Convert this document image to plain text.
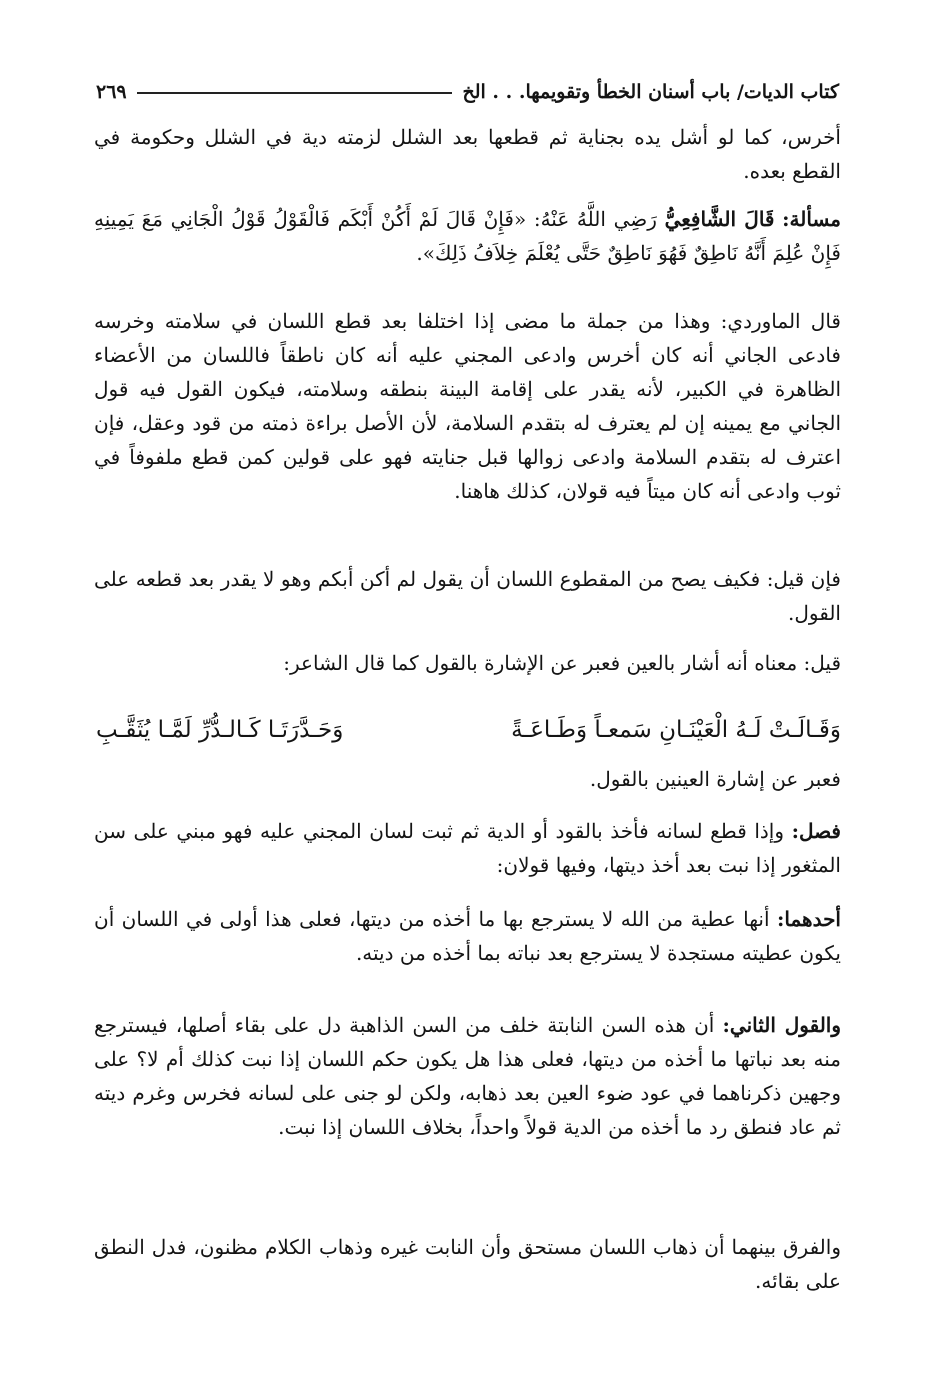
كتاب الديات/ باب أسنان الخطأ وتقويمها. . . الخ
٢٦٩

أخرس، كما لو أشل يده بجناية ثم قطعها بعد الشلل لزمته دية في الشلل وحكومة في القطع بعده.

مسألة: قَالَ الشَّافِعِيُّ رَضِي اللَّهُ عَنْهُ: «فَإِنْ قَالَ لَمْ أَكُنْ أَبْكَم فَالْقَوْلُ قَوْلُ الْجَانِي مَعَ يَمِينِهِ فَإِنْ عُلِمَ أَنَّهُ نَاطِقٌ فَهُوَ نَاطِقٌ حَتَّى يُعْلَمَ خِلاَفُ ذَلِكَ».

قال الماوردي: وهذا من جملة ما مضى إذا اختلفا بعد قطع اللسان في سلامته وخرسه فادعى الجاني أنه كان أخرس وادعى المجني عليه أنه كان ناطقاً فاللسان من الأعضاء الظاهرة في الكبير، لأنه يقدر على إقامة البينة بنطقه وسلامته، فيكون القول فيه قول الجاني مع يمينه إن لم يعترف له بتقدم السلامة، لأن الأصل براءة ذمته من قود وعقل، فإن اعترف له بتقدم السلامة وادعى زوالها قبل جنايته فهو على قولين كمن قطع ملفوفاً في ثوب وادعى أنه كان ميتاً فيه قولان، كذلك هاهنا.

فإن قيل: فكيف يصح من المقطوع اللسان أن يقول لم أكن أبكم وهو لا يقدر بعد قطعه على القول.

قيل: معناه أنه أشار بالعين فعبر عن الإشارة بالقول كما قال الشاعر:

وَقَـالَـتْ لَـهُ الْعَيْنَـانِ سَمعـاً وَطَـاعَـةً
وَحَـدَّرَتَـا كَـالـدُّرِّ لَمَّـا يُثَقَّـبِ

فعبر عن إشارة العينين بالقول.

فصل: وإذا قطع لسانه فأخذ بالقود أو الدية ثم ثبت لسان المجني عليه فهو مبني على سن المثغور إذا نبت بعد أخذ ديتها، وفيها قولان:

أحدهما: أنها عطية من الله لا يسترجع بها ما أخذه من ديتها، فعلى هذا أولى في اللسان أن يكون عطيته مستجدة لا يسترجع بعد نباته بما أخذه من ديته.

والقول الثاني: أن هذه السن النابتة خلف من السن الذاهبة دل على بقاء أصلها، فيسترجع منه بعد نباتها ما أخذه من ديتها، فعلى هذا هل يكون حكم اللسان إذا نبت كذلك أم لا؟ على وجهين ذكرناهما في عود ضوء العين بعد ذهابه، ولكن لو جنى على لسانه فخرس وغرم ديته ثم عاد فنطق رد ما أخذه من الدية قولاً واحداً، بخلاف اللسان إذا نبت.

والفرق بينهما أن ذهاب اللسان مستحق وأن النابت غيره وذهاب الكلام مظنون، فدل النطق على بقائه.
